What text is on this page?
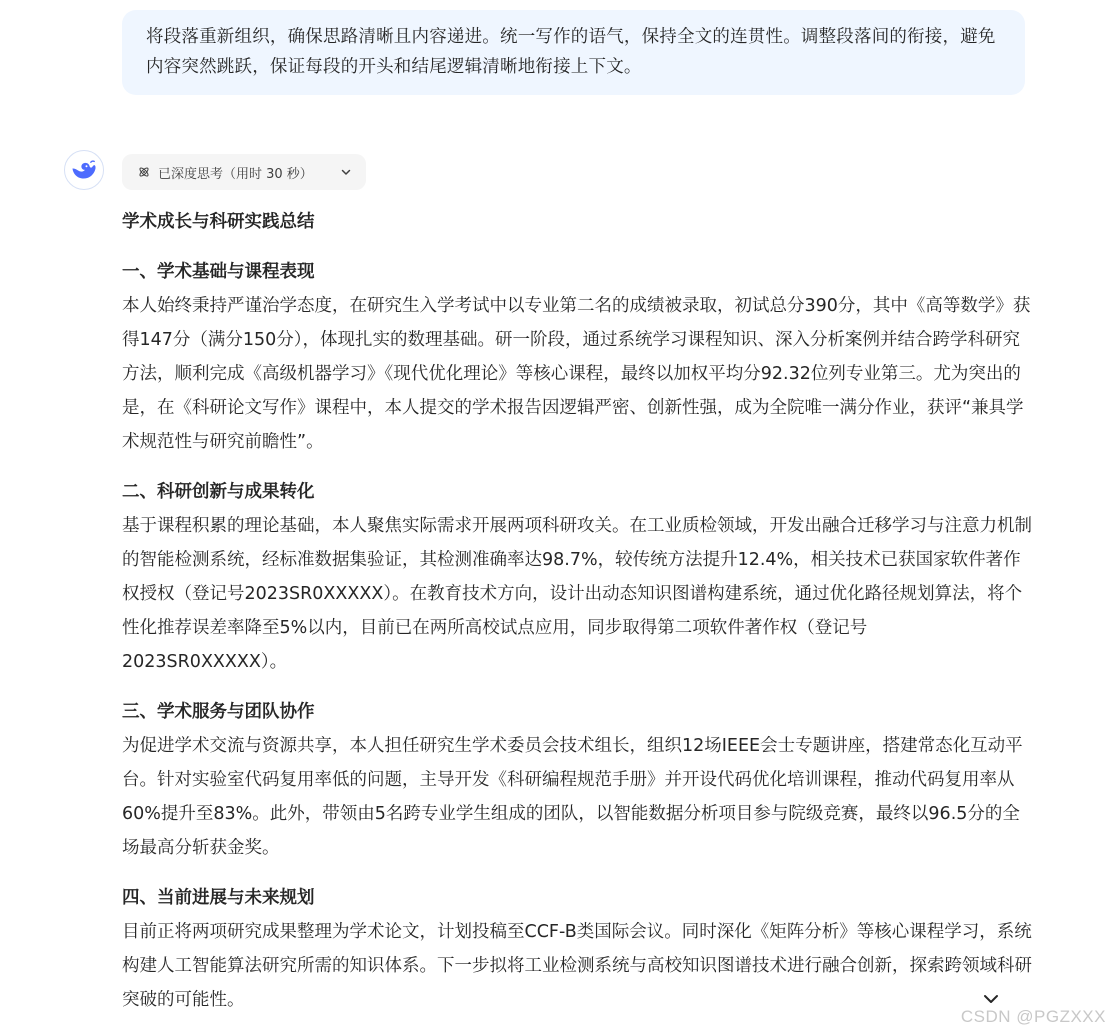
将段落重新组织，确保思路清晰且内容递进。统一写作的语气，保持全文的连贯性。调整段落间的衔接，避免内容突然跳跃，保证每段的开头和结尾逻辑清晰地衔接上下文。

已深度思考（用时 30 秒）
学术成长与科研实践总结
一、学术基础与课程表现

本人始终秉持严谨治学态度，在研究生入学考试中以专业第二名的成绩被录取，初试总分390分，其中《高等数学》获得147分（满分150分），体现扎实的数理基础。研一阶段，通过系统学习课程知识、深入分析案例并结合跨学科研究方法，顺利完成《高级机器学习》《现代优化理论》等核心课程，最终以加权平均分92.32位列专业第三。尤为突出的是，在《科研论文写作》课程中，本人提交的学术报告因逻辑严密、创新性强，成为全院唯一满分作业，获评“兼具学术规范性与研究前瞻性”。

二、科研创新与成果转化

基于课程积累的理论基础，本人聚焦实际需求开展两项科研攻关。在工业质检领域，开发出融合迁移学习与注意力机制的智能检测系统，经标准数据集验证，其检测准确率达98.7%，较传统方法提升12.4%，相关技术已获国家软件著作权授权（登记号2023SR0XXXXX）。在教育技术方向，设计出动态知识图谱构建系统，通过优化路径规划算法，将个性化推荐误差率降至5%以内，目前已在两所高校试点应用，同步取得第二项软件著作权（登记号2023SR0XXXXX）。

三、学术服务与团队协作

为促进学术交流与资源共享，本人担任研究生学术委员会技术组长，组织12场IEEE会士专题讲座，搭建常态化互动平台。针对实验室代码复用率低的问题，主导开发《科研编程规范手册》并开设代码优化培训课程，推动代码复用率从60%提升至83%。此外，带领由5名跨专业学生组成的团队，以智能数据分析项目参与院级竞赛，最终以96.5分的全场最高分斩获金奖。

四、当前进展与未来规划

目前正将两项研究成果整理为学术论文，计划投稿至CCF-B类国际会议。同时深化《矩阵分析》等核心课程学习，系统构建人工智能算法研究所需的知识体系。下一步拟将工业检测系统与高校知识图谱技术进行融合创新，探索跨领域科研突破的可能性。

CSDN @PGZXXX
